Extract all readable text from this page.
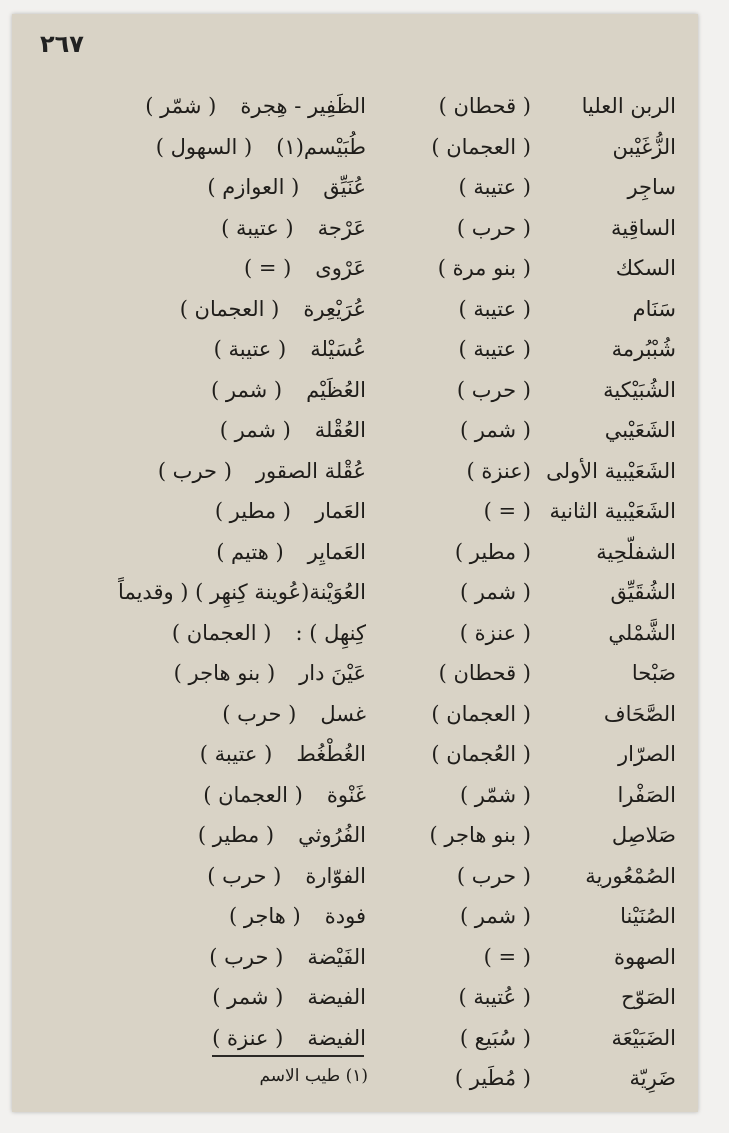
٢٦٧
الربن العليا
( قحطان )
الزُّغَيْبن
( العجمان )
ساجِر
( عتيبة )
الساقِية
( حرب )
السكك
( بنو مرة )
سَنَام
( عتيبة )
شُبْبُرمة
( عتيبة )
الشُبَيْكية
( حرب )
الشَعَيْبي
( شمر )
الشَعَيْبية الأولى
(عنزة )
الشَعَيْبية الثانية
( = )
الشفلّحِية
( مطير )
الشُقَيِّق
( شمر )
الشَّمْلي
( عنزة )
صَبْحا
( قحطان )
الصَّحَاف
( العجمان )
الصرّار
( العُجمان )
الصَفْرا
( شمّر )
صَلاصِل
( بنو هاجر )
الصُمْعُورية
( حرب )
الصُنَيْنا
( شمر )
الصهوة
( = )
الصَوّح
( عُتيبة )
الضَبَيْعَة
( سُبَيع )
ضَرِيّة
( مُطَير )
الظَفِير - هِجرة
( شمّر )
طُبَيْسم(١)
( السهول )
عُنَيِّق
( العوازم )
عَرْجة
( عتيبة )
عَرْوى
( = )
عُرَيْعِرة
( العجمان )
عُسَيْلة
( عتيبة )
العُظَيْم
( شمر )
العُقْلة
( شمر )
عُقْلة الصقور
( حرب )
العَمار
( مطير )
العَمايِر
( هتيم )
العُوَيْنة(عُوينة كِنهِر ) ( وقديماً
كِنهِل ) :
( العجمان )
عَيْنَ دار
( بنو هاجر )
غسل
( حرب )
الغُطْغُط
( عتيبة )
غَنْوة
( العجمان )
الفُرُوثي
( مطير )
الفوّارة
( حرب )
فودة
( هاجر )
الفَيْضة
( حرب )
الفيضة
( شمر )
الفيضة
( عنزة )
(١) طيب الاسم
